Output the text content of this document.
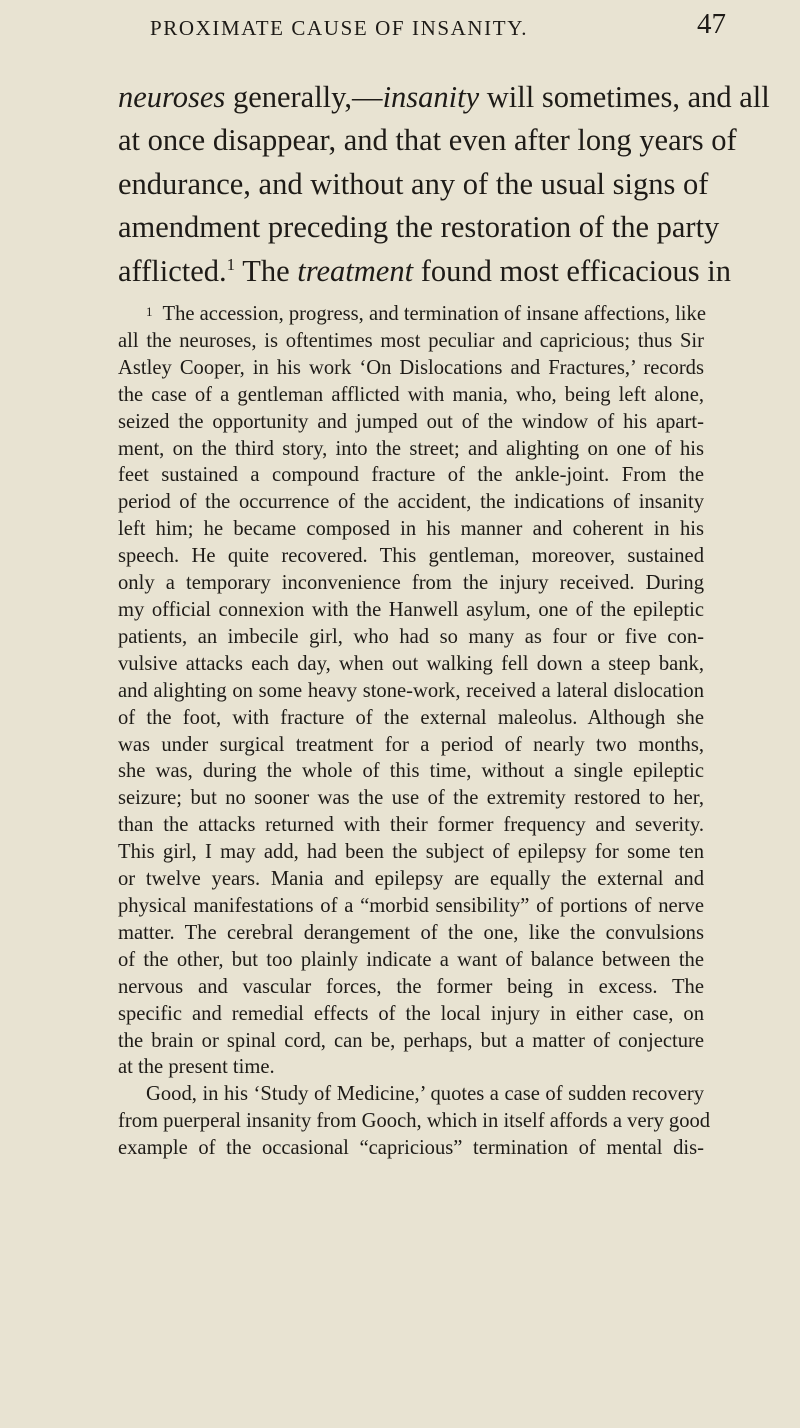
PROXIMATE CAUSE OF INSANITY.	47
neuroses generally,—insanity will sometimes, and all
at once disappear, and that even after long years of
endurance, and without any of the usual signs of
amendment preceding the restoration of the party
afflicted.$^1$ The treatment found most efficacious in
$^1$ The accession, progress, and termination of insane affections, like
all the neuroses, is oftentimes most peculiar and capricious; thus Sir
Astley Cooper, in his work ‘On Dislocations and Fractures,’ records
the case of a gentleman afflicted with mania, who, being left alone,
seized the opportunity and jumped out of the window of his apart-
ment, on the third story, into the street; and alighting on one of his
feet sustained a compound fracture of the ankle-joint. From the
period of the occurrence of the accident, the indications of insanity
left him; he became composed in his manner and coherent in his
speech. He quite recovered. This gentleman, moreover, sustained
only a temporary inconvenience from the injury received. During
my official connexion with the Hanwell asylum, one of the epileptic
patients, an imbecile girl, who had so many as four or five con-
vulsive attacks each day, when out walking fell down a steep bank,
and alighting on some heavy stone-work, received a lateral dislocation
of the foot, with fracture of the external maleolus. Although she
was under surgical treatment for a period of nearly two months,
she was, during the whole of this time, without a single epileptic
seizure; but no sooner was the use of the extremity restored to her,
than the attacks returned with their former frequency and severity.
This girl, I may add, had been the subject of epilepsy for some ten
or twelve years. Mania and epilepsy are equally the external and
physical manifestations of a “morbid sensibility” of portions of nerve
matter. The cerebral derangement of the one, like the convulsions
of the other, but too plainly indicate a want of balance between the
nervous and vascular forces, the former being in excess. The
specific and remedial effects of the local injury in either case, on
the brain or spinal cord, can be, perhaps, but a matter of conjecture
at the present time.
Good, in his ‘Study of Medicine,’ quotes a case of sudden recovery
from puerperal insanity from Gooch, which in itself affords a very good
example of the occasional “capricious” termination of mental dis-
